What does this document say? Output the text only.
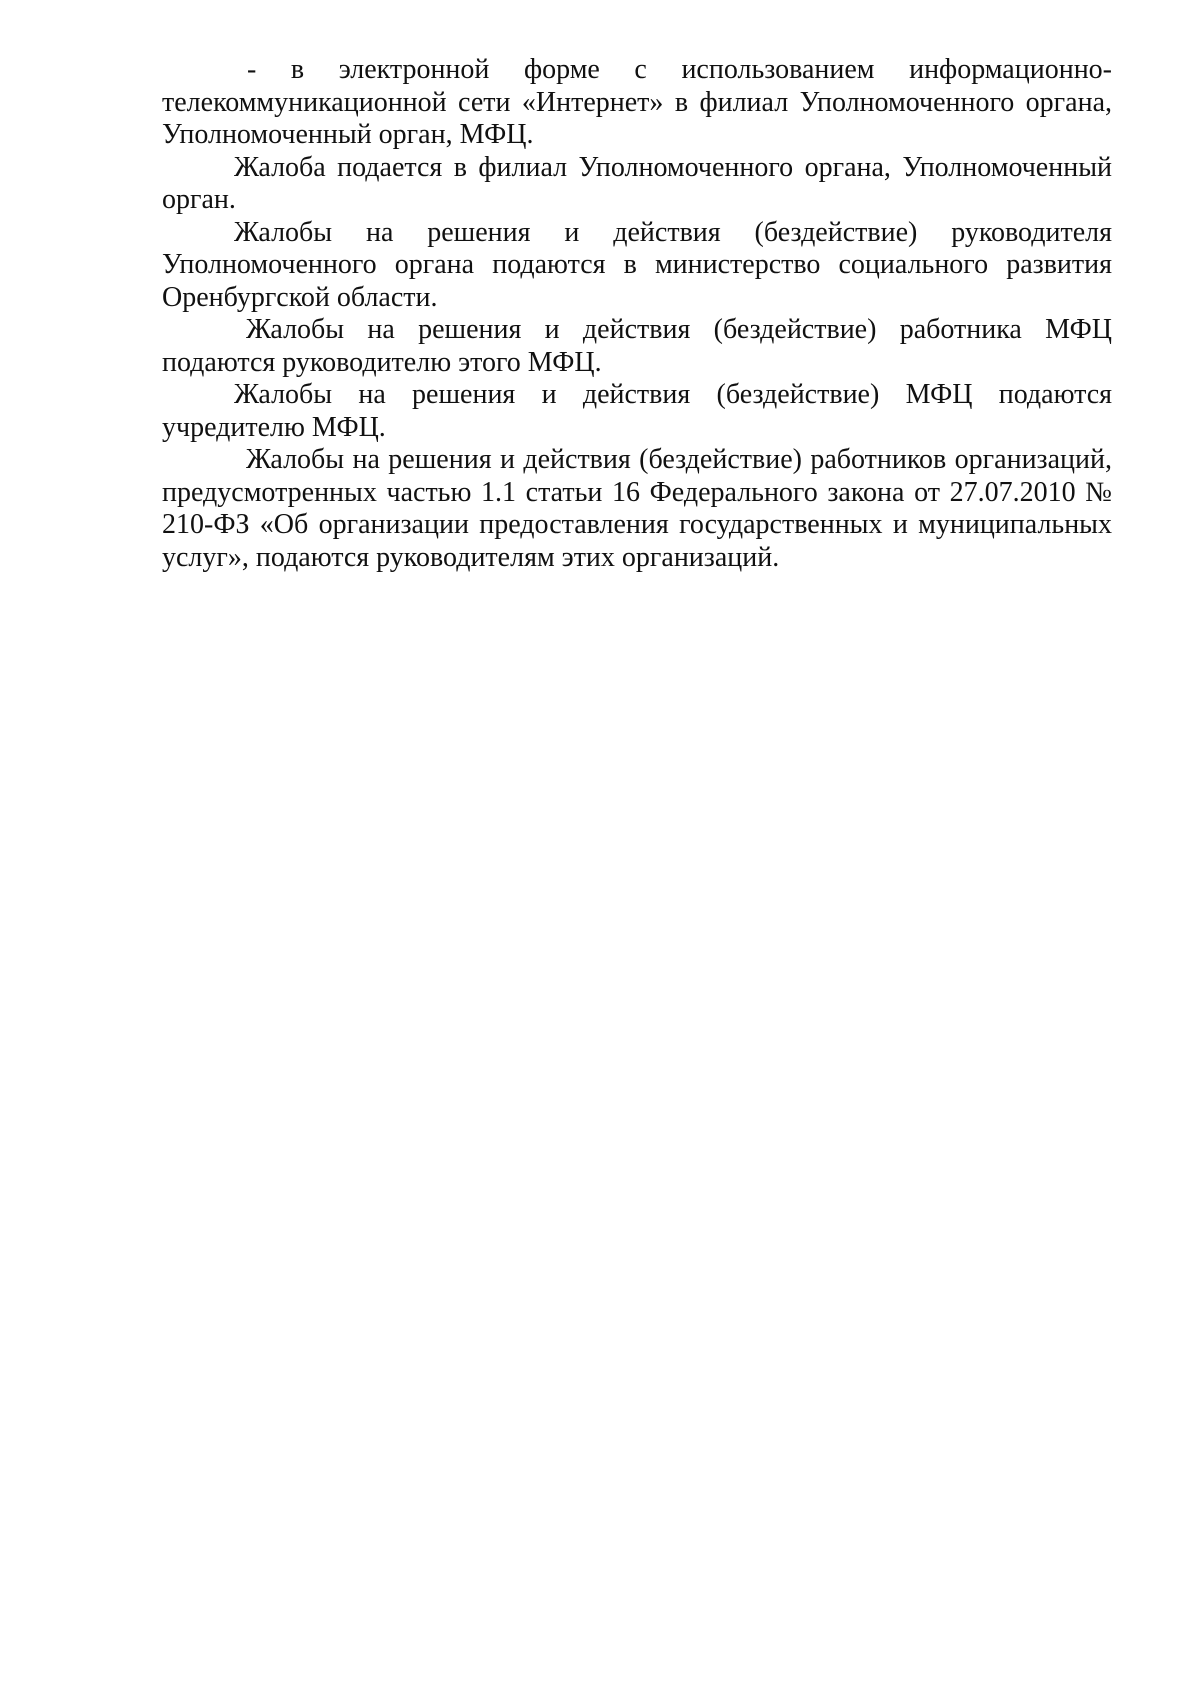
- в электронной форме с использованием информационно-телекоммуникационной сети «Интернет» в филиал Уполномоченного органа, Уполномоченный орган, МФЦ.

Жалоба подается в филиал Уполномоченного органа, Уполномоченный орган.

Жалобы на решения и действия (бездействие) руководителя Уполномоченного органа подаются в министерство социального развития Оренбургской области.

Жалобы на решения и действия (бездействие) работника МФЦ подаются руководителю этого МФЦ.

Жалобы на решения и действия (бездействие) МФЦ подаются учредителю МФЦ.

Жалобы на решения и действия (бездействие) работников организаций, предусмотренных частью 1.1 статьи 16 Федерального закона от 27.07.2010 № 210-ФЗ «Об организации предоставления государственных и муниципальных услуг», подаются руководителям этих организаций.
